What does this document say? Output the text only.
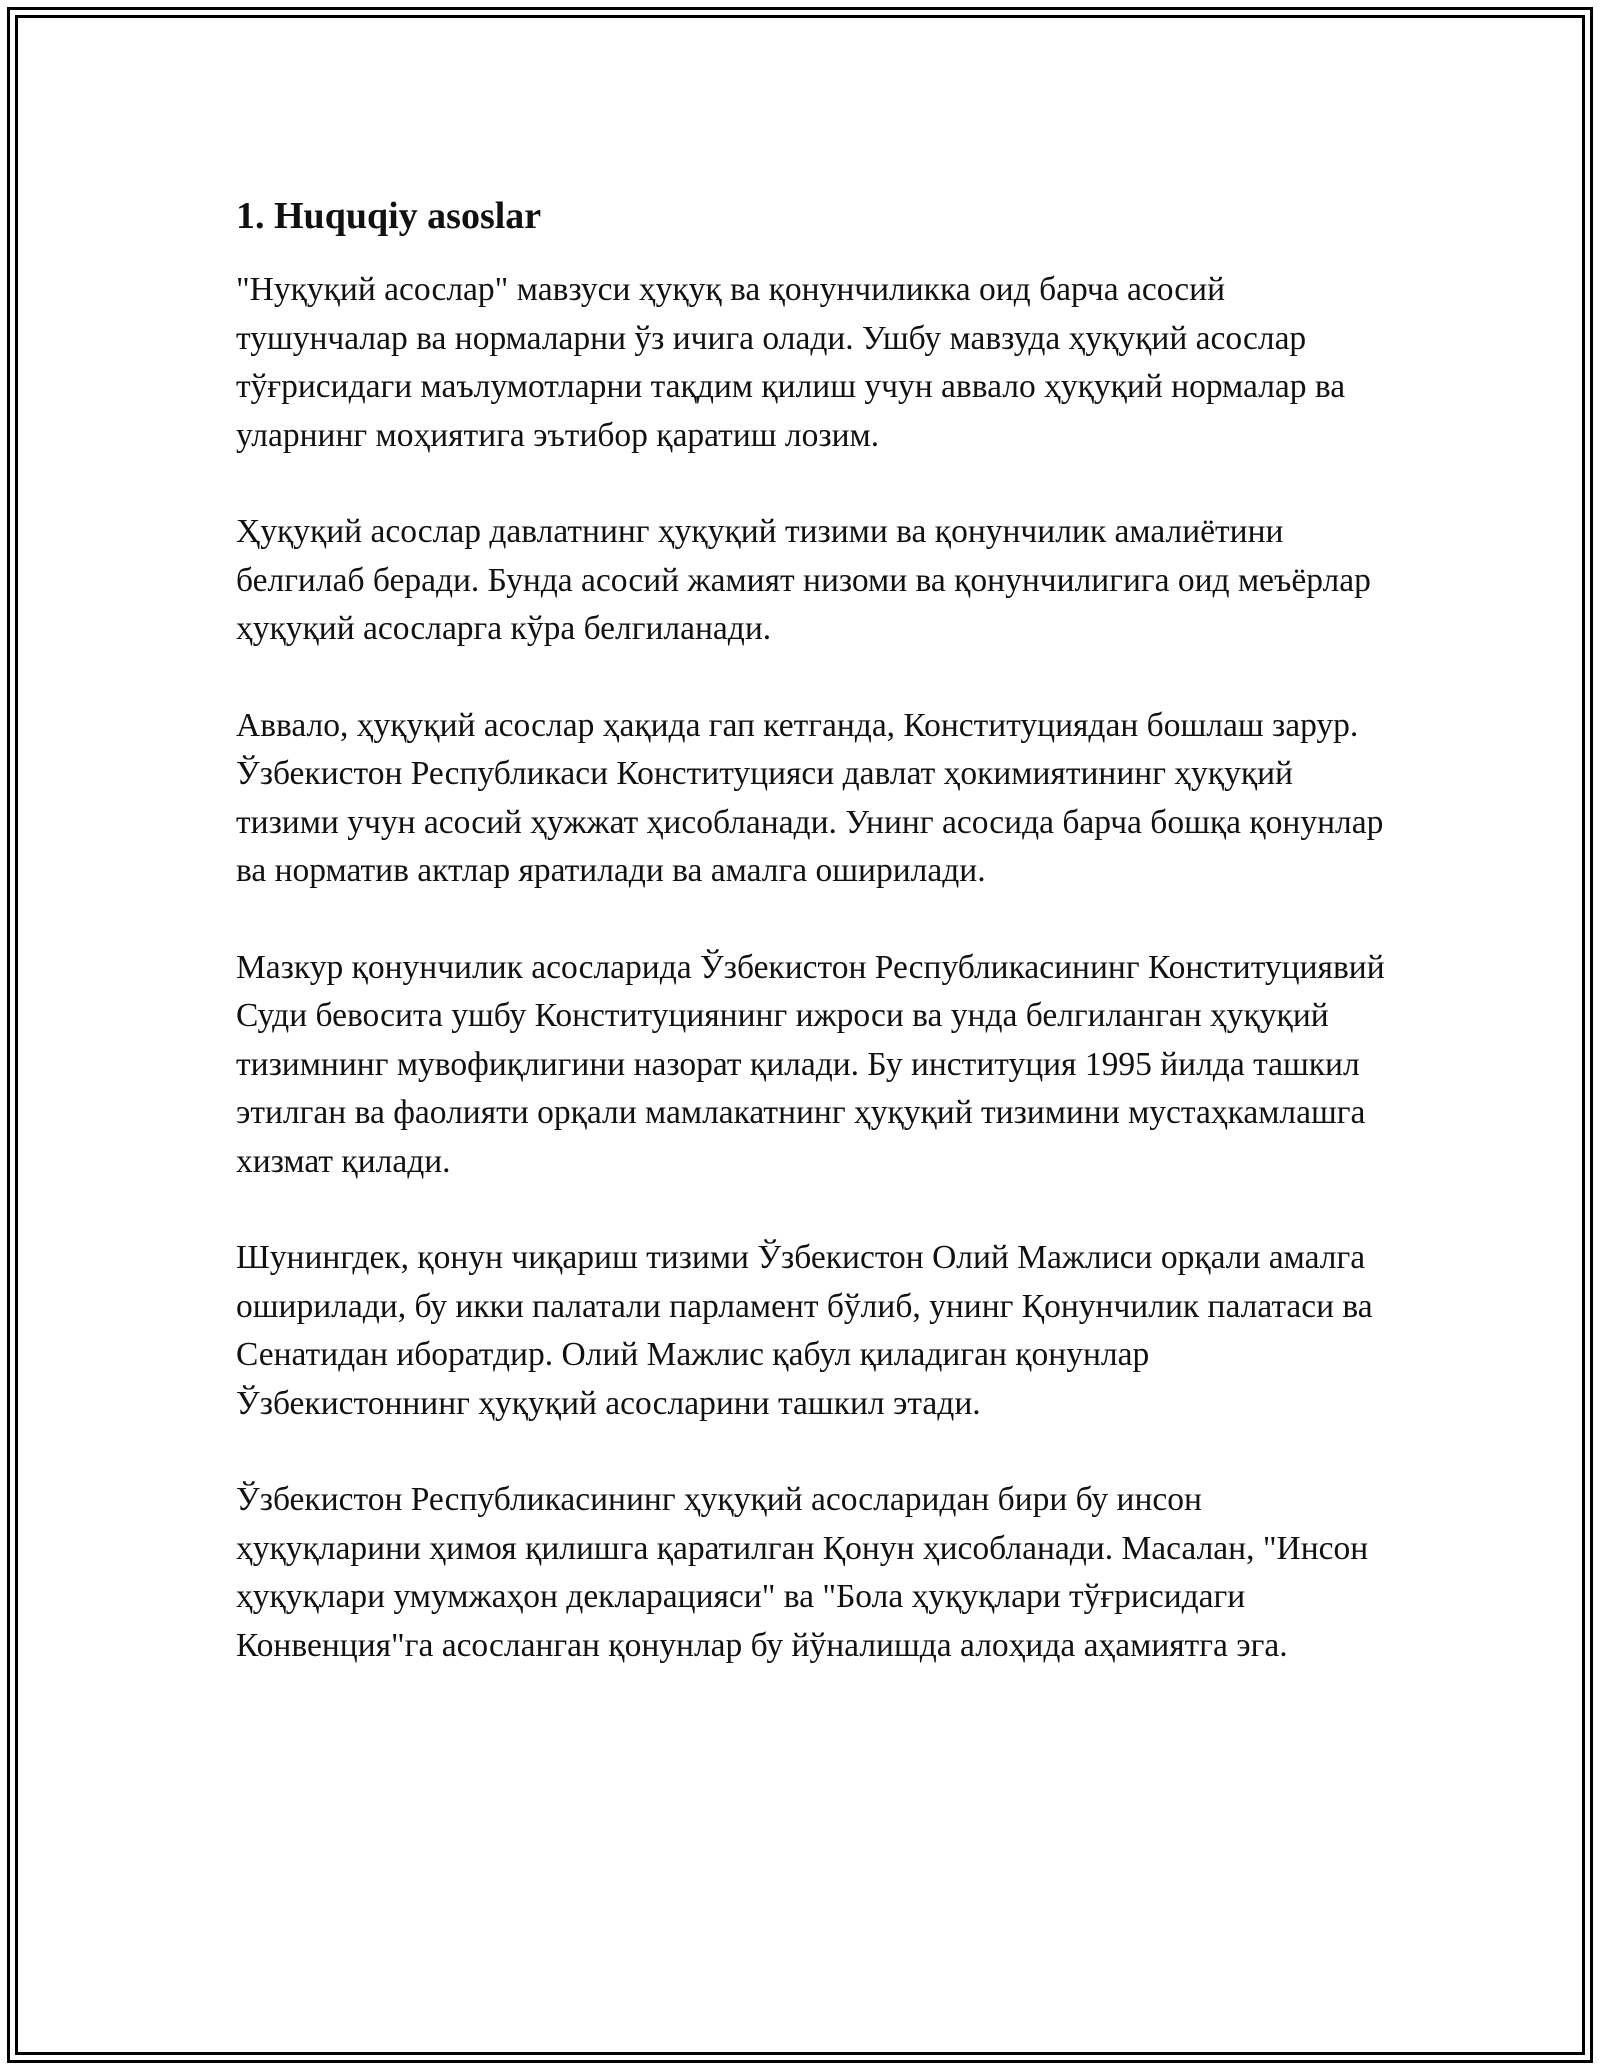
1. Huquqiy asoslar

"Нуқуқий асослар" мавзуси ҳуқуқ ва қонунчиликка оид барча асосий тушунчалар ва нормаларни ўз ичига олади. Ушбу мавзуда ҳуқуқий асослар тўғрисидаги маълумотларни тақдим қилиш учун аввало ҳуқуқий нормалар ва уларнинг моҳиятига эътибор қаратиш лозим.

Ҳуқуқий асослар давлатнинг ҳуқуқий тизими ва қонунчилик амалиётини белгилаб беради. Бунда асосий жамият низоми ва қонунчилигига оид меъёрлар ҳуқуқий асосларга кўра белгиланади.

Аввало, ҳуқуқий асослар ҳақида гап кетганда, Конституциядан бошлаш зарур. Ўзбекистон Республикаси Конституцияси давлат ҳокимиятининг ҳуқуқий тизими учун асосий ҳужжат ҳисобланади. Унинг асосида барча бошқа қонунлар ва норматив актлар яратилади ва амалга оширилади.

Мазкур қонунчилик асосларида Ўзбекистон Республикасининг Конституциявий Суди бевосита ушбу Конституциянинг ижроси ва унда белгиланган ҳуқуқий тизимнинг мувофиқлигини назорат қилади. Бу институция 1995 йилда ташкил этилган ва фаолияти орқали мамлакатнинг ҳуқуқий тизимини мустаҳкамлашга хизмат қилади.

Шунингдек, қонун чиқариш тизими Ўзбекистон Олий Мажлиси орқали амалга оширилади, бу икки палатали парламент бўлиб, унинг Қонунчилик палатаси ва Сенатидан иборатдир. Олий Мажлис қабул қиладиган қонунлар Ўзбекистоннинг ҳуқуқий асосларини ташкил этади.

Ўзбекистон Республикасининг ҳуқуқий асосларидан бири бу инсон ҳуқуқларини ҳимоя қилишга қаратилган Қонун ҳисобланади. Масалан, "Инсон ҳуқуқлари умумжаҳон декларацияси" ва "Бола ҳуқуқлари тўғрисидаги Конвенция"га асосланган қонунлар бу йўналишда алоҳида аҳамиятга эга.
